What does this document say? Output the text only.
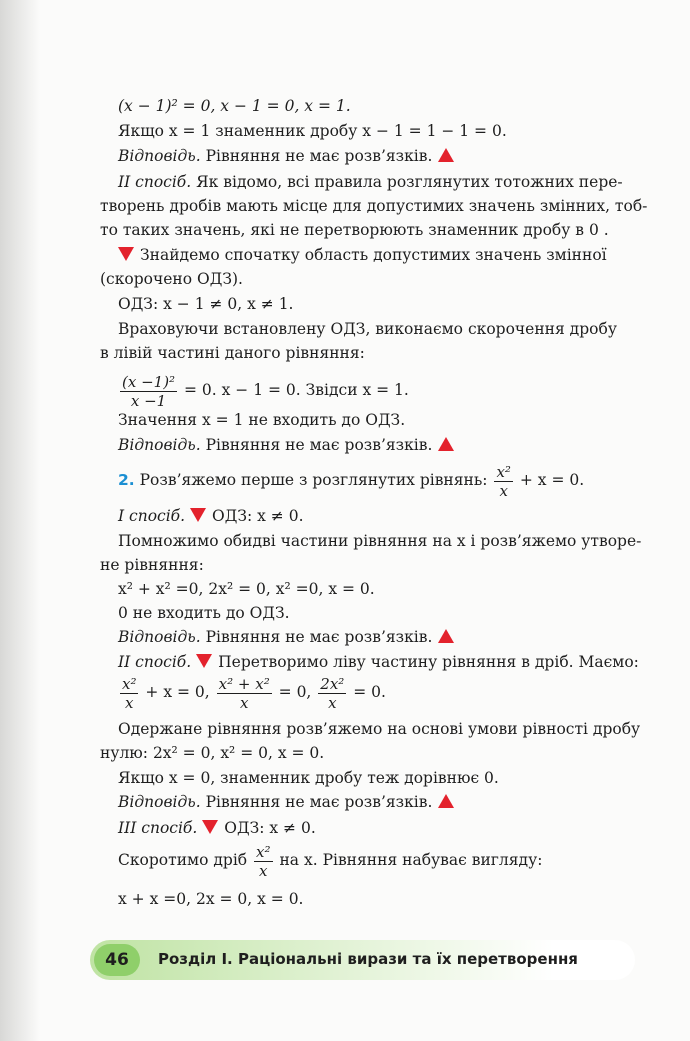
(x − 1)² = 0, x − 1 = 0, x = 1.
Якщо x = 1 знаменник дробу x − 1 = 1 − 1 = 0.
Відповідь. Рівняння не має розв’язків.
II спосіб. Як відомо, всі правила розглянутих тотожних пере-
творень дробів мають місце для допустимих значень змінних, тоб-
то таких значень, які не перетворюють знаменник дробу в 0 .
Знайдемо спочатку область допустимих значень змінної
(скорочено ОДЗ).
ОДЗ: x − 1 ≠ 0, x ≠ 1.
Враховуючи встановлену ОДЗ, виконаємо скорочення дробу
в лівій частині даного рівняння:
$\frac{\text{(x −1)²}}{x -1} = 0$. x − 1 = 0. Звідси x = 1.
Значення x = 1 не входить до ОДЗ.
Відповідь. Рівняння не має розв’язків.
2. Розв’яжемо перше з розглянутих рівнянь: $\frac{\text{x²}}{x} + x = 0$.
I спосіб. ОДЗ: x ≠ 0.
Помножимо обидві частини рівняння на x і розв’яжемо утворе-
не рівняння:
x² + x² =0, 2x² = 0, x² =0, x = 0.
0 не входить до ОДЗ.
Відповідь. Рівняння не має розв’язків.
II спосіб. Перетворимо ліву частину рівняння в дріб. Маємо:
$\frac{\text{x²}}{x} + x = 0$, $\frac{\text{x² + x²}}{x} = 0$, $\frac{\text{2x²}}{x} = 0$.
Одержане рівняння розв’яжемо на основі умови рівності дробу
нулю: 2x² = 0, x² = 0, x = 0.
Якщо x = 0, знаменник дробу теж дорівнює 0.
Відповідь. Рівняння не має розв’язків.
III спосіб. ОДЗ: x ≠ 0.
Скоротимо дріб $\frac{\text{x²}}{x}$ на x. Рівняння набуває вигляду:
x + x =0, 2x = 0, x = 0.
46	Розділ I. Раціональні вирази та їх перетворення
